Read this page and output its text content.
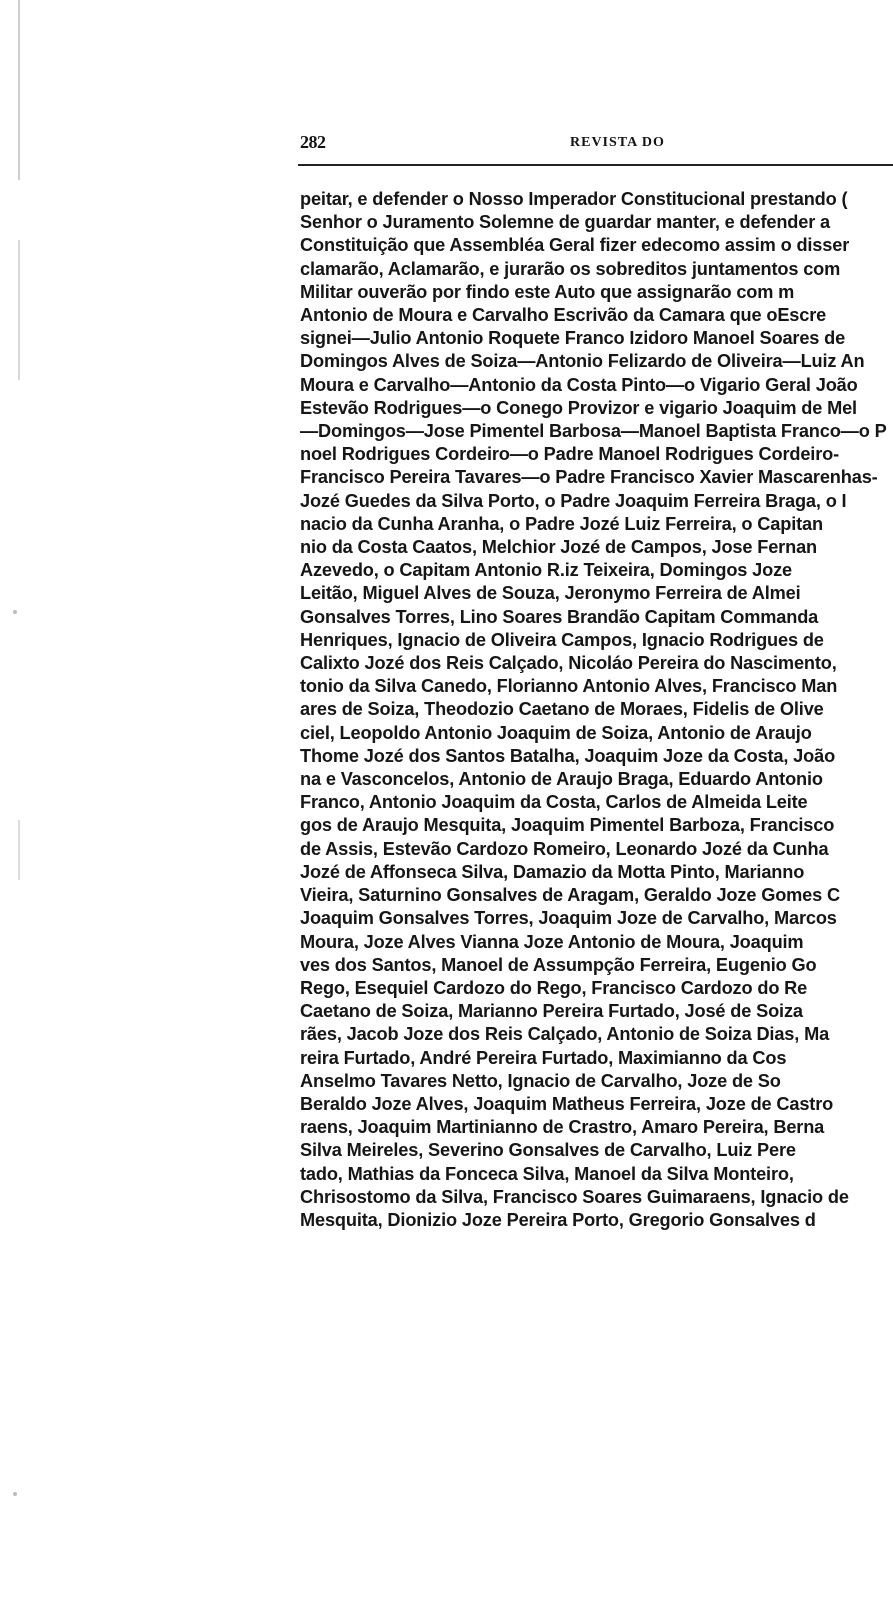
282	REVISTA DO
peitar, e defender o Nosso Imperador Constitucional prestando (
Senhor o Juramento Solemne de guardar manter, e defender a
Constituição que Assembléa Geral fizer edecomo assim o disser
clamarão, Aclamarão, e jurarão os sobreditos juntamentos com
Militar ouverão por findo este Auto que assignarão com m
Antonio de Moura e Carvalho Escrivão da Camara que oEscre
signei—Julio Antonio Roquete Franco Izidoro Manoel Soares de
Domingos Alves de Soiza—Antonio Felizardo de Oliveira—Luiz An
Moura e Carvalho—Antonio da Costa Pinto—o Vigario Geral João
Estevão Rodrigues—o Conego Provizor e vigario Joaquim de Mel
—Domingos—Jose Pimentel Barbosa—Manoel Baptista Franco—o P
noel Rodrigues Cordeiro—o Padre Manoel Rodrigues Cordeiro-
Francisco Pereira Tavares—o Padre Francisco Xavier Mascarenhas-
Jozé Guedes da Silva Porto, o Padre Joaquim Ferreira Braga, o I
nacio da Cunha Aranha, o Padre Jozé Luiz Ferreira, o Capitan
nio da Costa Caatos, Melchior Jozé de Campos, Jose Fernan
Azevedo, o Capitam Antonio R.iz Teixeira, Domingos Joze
Leitão, Miguel Alves de Souza, Jeronymo Ferreira de Almei
Gonsalves Torres, Lino Soares Brandão Capitam Commanda
Henriques, Ignacio de Oliveira Campos, Ignacio Rodrigues de
Calixto Jozé dos Reis Calçado, Nicoláo Pereira do Nascimento,
tonio da Silva Canedo, Florianno Antonio Alves, Francisco Man
ares de Soiza, Theodozio Caetano de Moraes, Fidelis de Olive
ciel, Leopoldo Antonio Joaquim de Soiza, Antonio de Araujo
Thome Jozé dos Santos Batalha, Joaquim Joze da Costa, João
na e Vasconcelos, Antonio de Araujo Braga, Eduardo Antonio
Franco, Antonio Joaquim da Costa, Carlos de Almeida Leite
gos de Araujo Mesquita, Joaquim Pimentel Barboza, Francisco
de Assis, Estevão Cardozo Romeiro, Leonardo Jozé da Cunha
Jozé de Affonseca Silva, Damazio da Motta Pinto, Marianno
Vieira, Saturnino Gonsalves de Aragam, Geraldo Joze Gomes C
Joaquim Gonsalves Torres, Joaquim Joze de Carvalho, Marcos
Moura, Joze Alves Vianna Joze Antonio de Moura, Joaquim
ves dos Santos, Manoel de Assumpção Ferreira, Eugenio Go
Rego, Esequiel Cardozo do Rego, Francisco Cardozo do Re
Caetano de Soiza, Marianno Pereira Furtado, José de Soiza
rães, Jacob Joze dos Reis Calçado, Antonio de Soiza Dias, Ma
reira Furtado, André Pereira Furtado, Maximianno da Cos
Anselmo Tavares Netto, Ignacio de Carvalho, Joze de So
Beraldo Joze Alves, Joaquim Matheus Ferreira, Joze de Castro
raens, Joaquim Martinianno de Crastro, Amaro Pereira, Berna
Silva Meireles, Severino Gonsalves de Carvalho, Luiz Pere
tado, Mathias da Fonceca Silva, Manoel da Silva Monteiro,
Chrisostomo da Silva, Francisco Soares Guimaraens, Ignacio de
Mesquita, Dionizio Joze Pereira Porto, Gregorio Gonsalves d
